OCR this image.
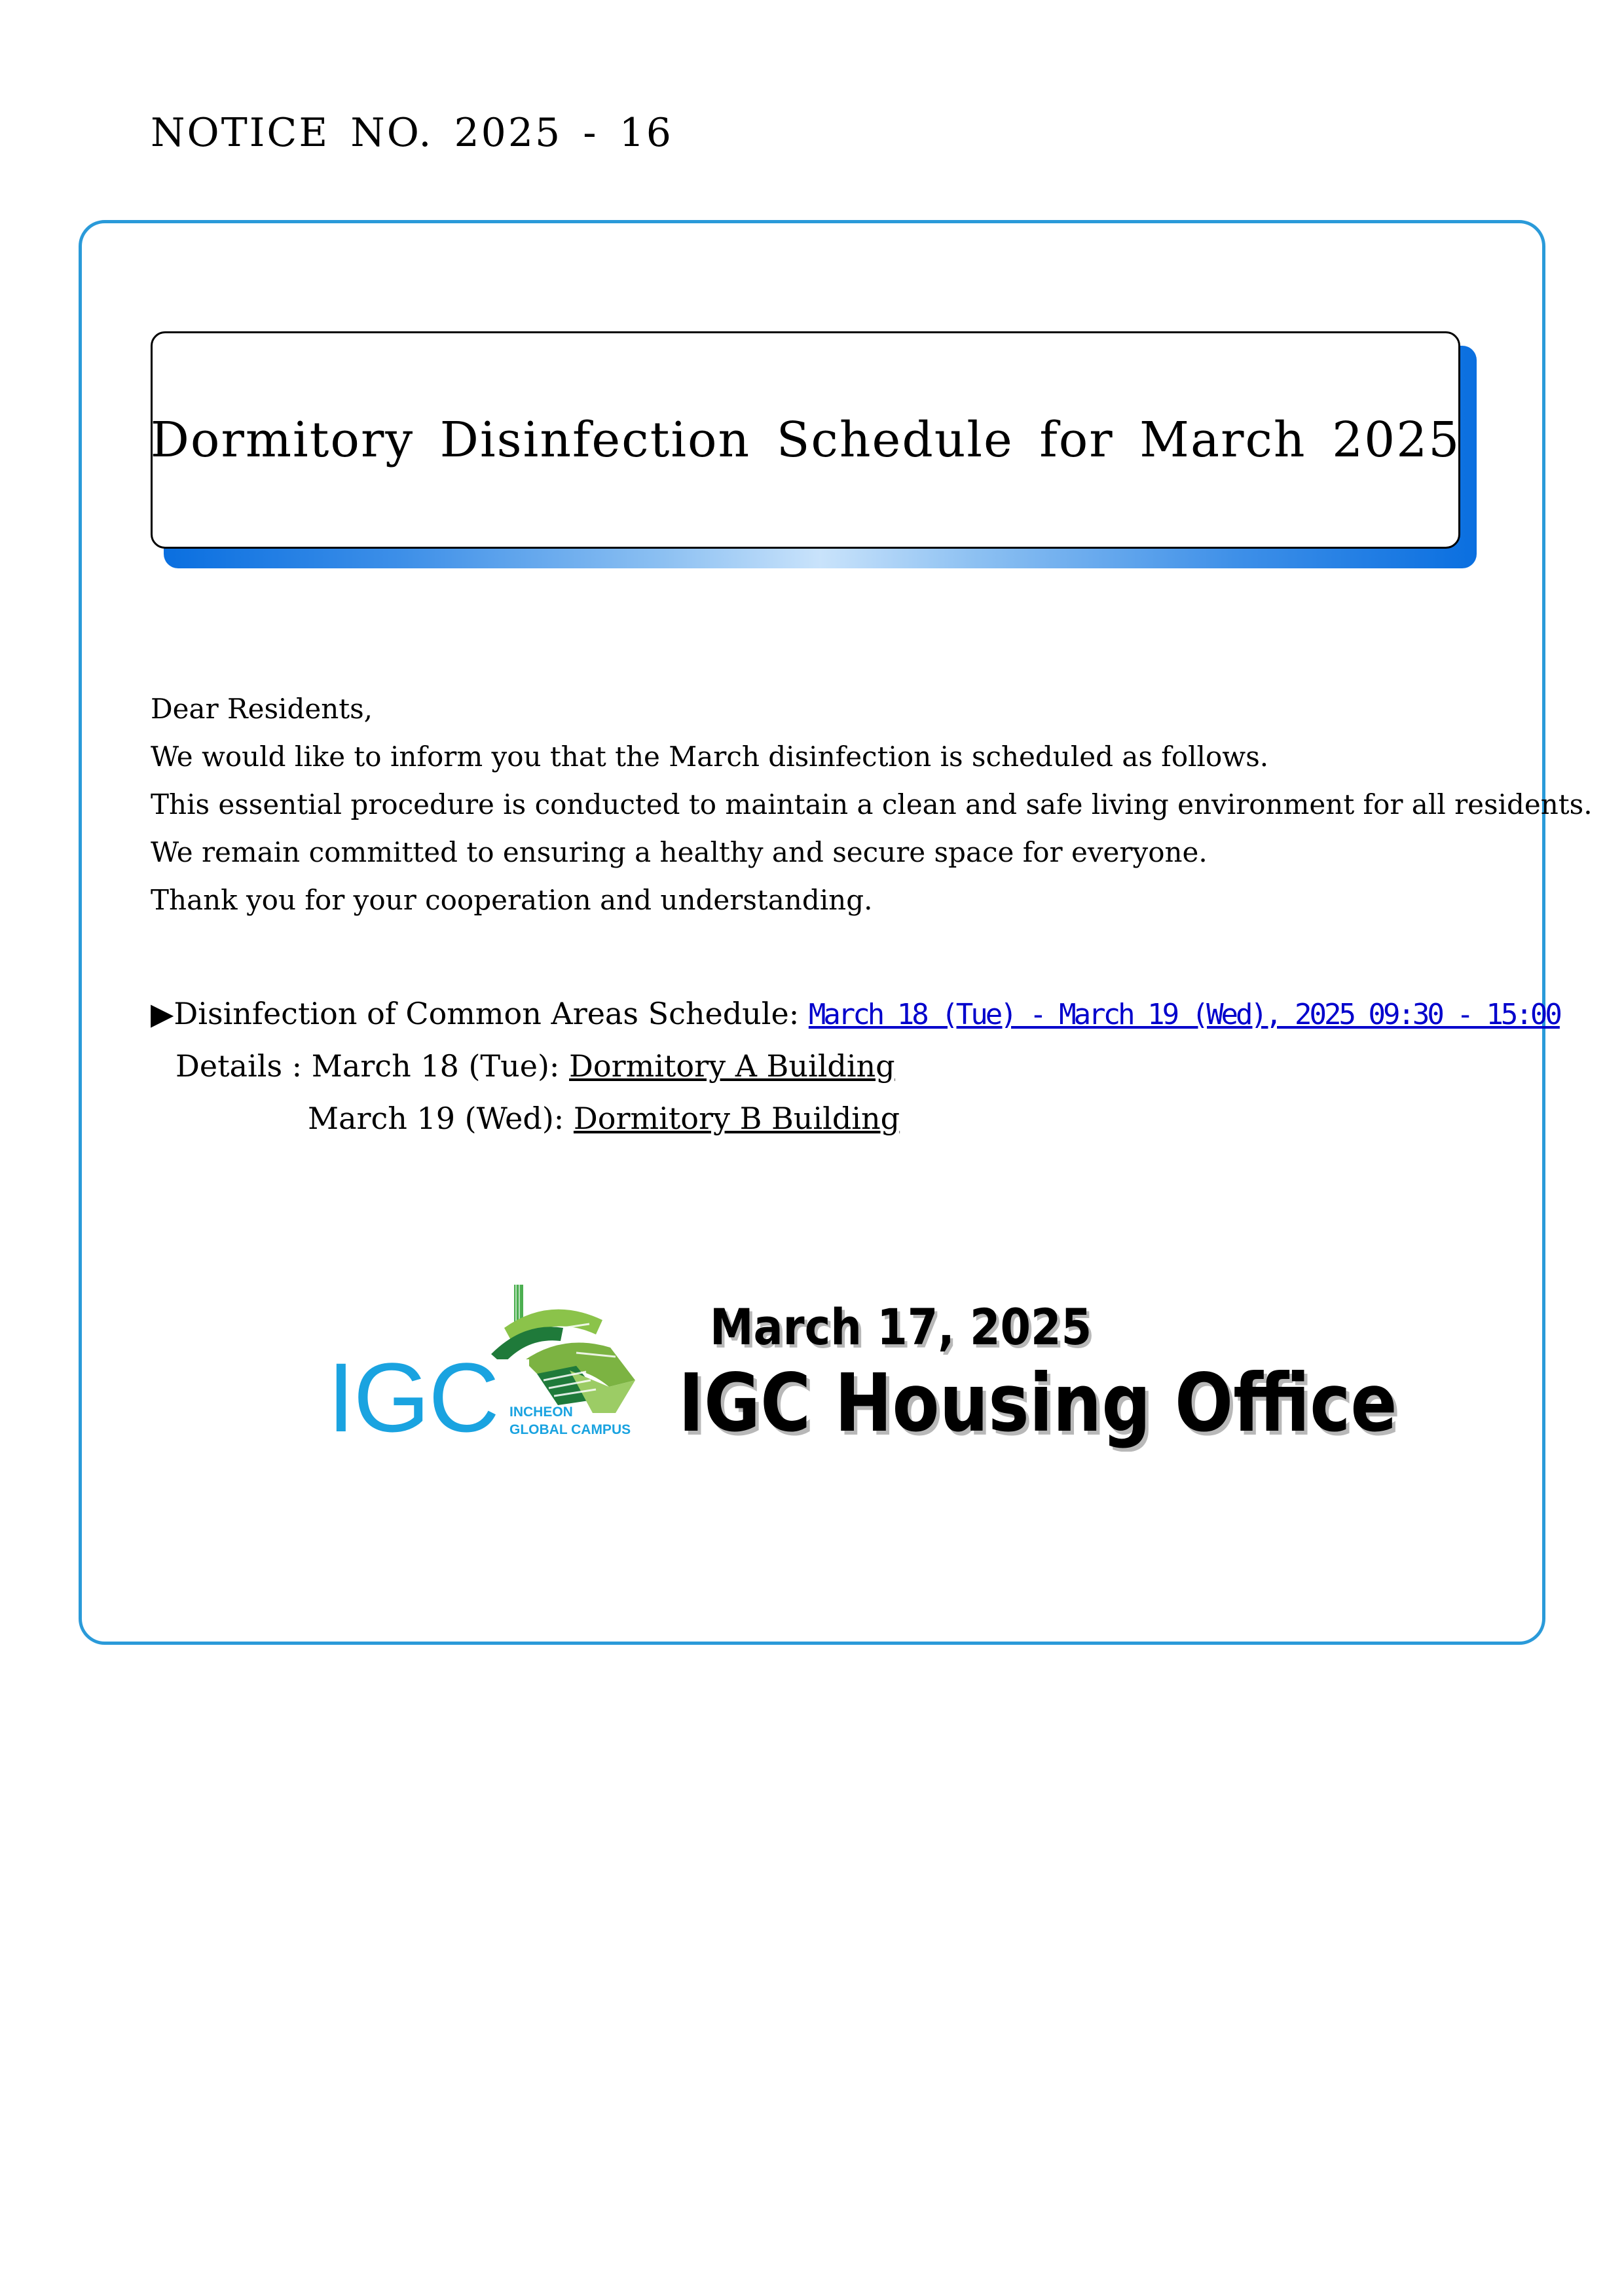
NOTICE NO. 2025 - 16
Dormitory Disinfection Schedule for March 2025

Dear Residents,

We would like to inform you that the March disinfection is scheduled as follows.

This essential procedure is conducted to maintain a clean and safe living environment for all residents.

We remain committed to ensuring a healthy and secure space for everyone.

Thank you for your cooperation and understanding.

▶Disinfection of Common Areas Schedule: March 18 (Tue) - March 19 (Wed), 2025 09:30 - 15:00
Details : March 18 (Tue): Dormitory A Building
March 19 (Wed): Dormitory B Building
IGC INCHEON
GLOBAL CAMPUS
March 17, 2025
IGC Housing Office
